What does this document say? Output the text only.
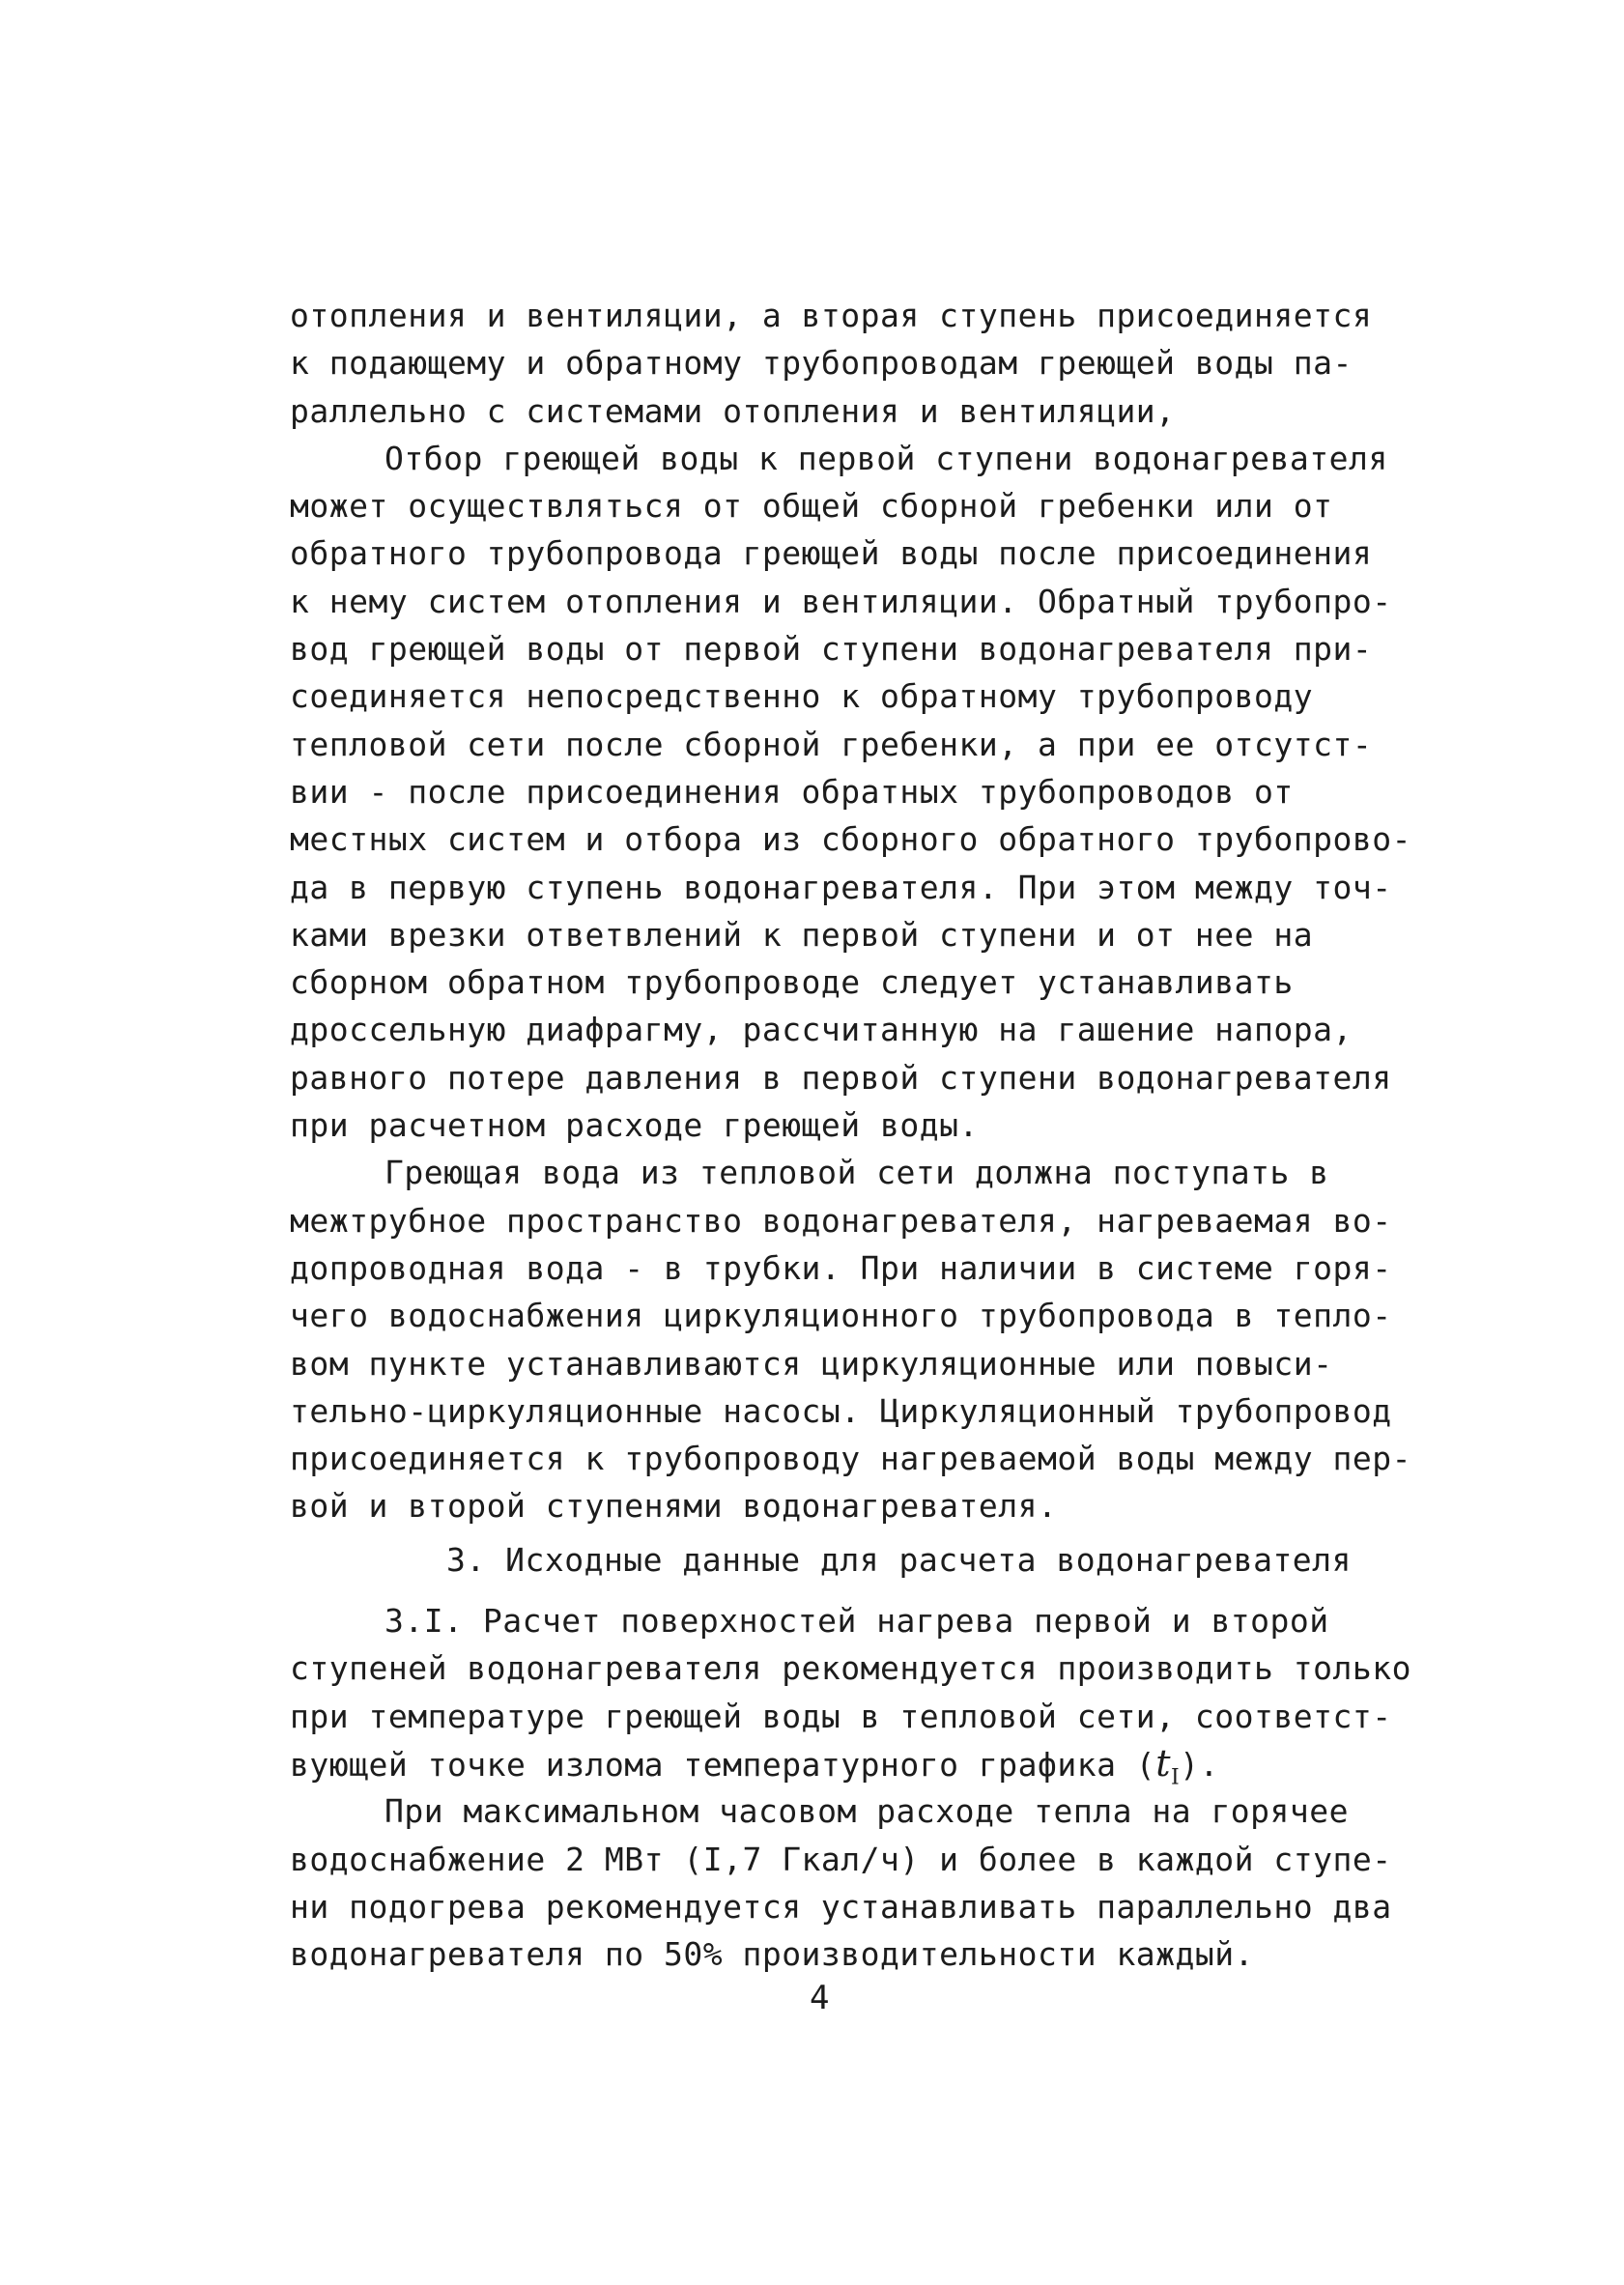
отопления и вентиляции, а вторая ступень присоединяется
к подающему и обратному трубопроводам греющей воды па-
раллельно с системами отопления и вентиляции,
Отбор греющей воды к первой ступени водонагревателя
может осуществляться от общей сборной гребенки или от
обратного трубопровода греющей воды после присоединения
к нему систем отопления и вентиляции. Обратный трубопро-
вод греющей воды от первой ступени водонагревателя при-
соединяется непосредственно к обратному трубопроводу
тепловой сети после сборной гребенки, а при ее отсутст-
вии - после присоединения обратных трубопроводов от
местных систем и отбора из сборного обратного трубопрово-
да в первую ступень водонагревателя. При этом между точ-
ками врезки ответвлений к первой ступени и от нее на
сборном обратном трубопроводе следует устанавливать
дроссельную диафрагму, рассчитанную на гашение напора,
равного потере давления в первой ступени водонагревателя
при расчетном расходе греющей воды.
Греющая вода из тепловой сети должна поступать в
межтрубное пространство водонагревателя, нагреваемая во-
допроводная вода - в трубки. При наличии в системе горя-
чего водоснабжения циркуляционного трубопровода в тепло-
вом пункте устанавливаются циркуляционные или повыси-
тельно-циркуляционные насосы. Циркуляционный трубопровод
присоединяется к трубопроводу нагреваемой воды между пер-
вой и второй ступенями водонагревателя.
3. Исходные данные для расчета водонагревателя
3.I. Расчет поверхностей нагрева первой и второй
ступеней водонагревателя рекомендуется производить только
при температуре греющей воды в тепловой сети, соответст-
вующей точке излома температурного графика $(t_I)$.
При максимальном часовом расходе тепла на горячее
водоснабжение 2 МВт (I,7 Гкал/ч) и более в каждой ступе-
ни подогрева рекомендуется устанавливать параллельно два
водонагревателя по 50% производительности каждый.
4
